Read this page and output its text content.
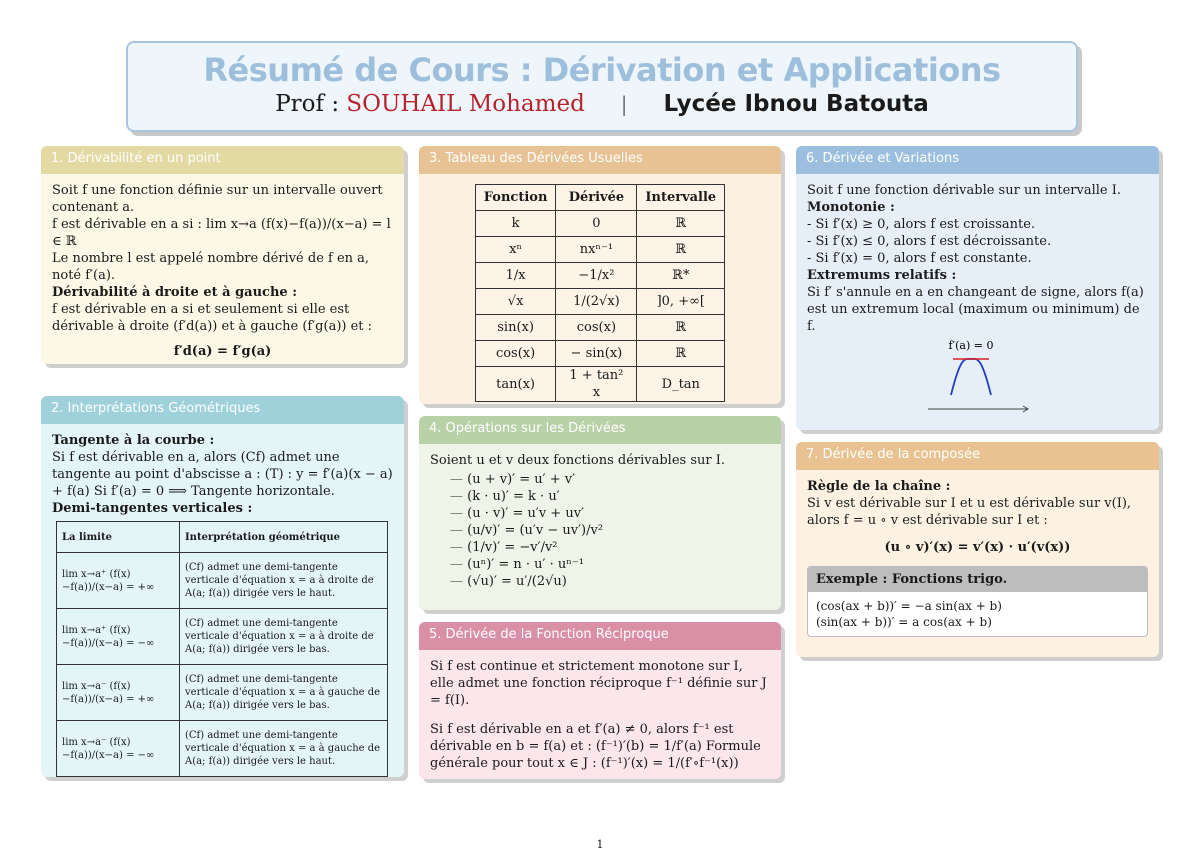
Résumé de Cours : Dérivation et Applications
Prof : SOUHAIL Mohamed | Lycée Ibnou Batouta
1. Dérivabilité en un point
Soit f une fonction définie sur un intervalle ouvert contenant a.
f est dérivable en a si : lim x→a (f(x)−f(a))/(x−a) = l ∈ ℝ
Le nombre l est appelé nombre dérivé de f en a, noté f′(a).
Dérivabilité à droite et à gauche :
f est dérivable en a si et seulement si elle est dérivable à droite (f′d(a)) et à gauche (f′g(a)) et :
f′d(a) = f′g(a)
2. Interprétations Géométriques
Tangente à la courbe :
Si f est dérivable en a, alors (Cf) admet une tangente au point d'abscisse a : (T) : y = f′(a)(x − a) + f(a) Si f′(a) = 0 ⟹ Tangente horizontale.
Demi-tangentes verticales :
La limite	Interprétation géométrique
lim x→a⁺ (f(x)−f(a))/(x−a) = +∞	(Cf) admet une demi-tangente verticale d'équation x = a à droite de A(a; f(a)) dirigée vers le haut.
lim x→a⁺ (f(x)−f(a))/(x−a) = −∞	(Cf) admet une demi-tangente verticale d'équation x = a à droite de A(a; f(a)) dirigée vers le bas.
lim x→a⁻ (f(x)−f(a))/(x−a) = +∞	(Cf) admet une demi-tangente verticale d'équation x = a à gauche de A(a; f(a)) dirigée vers le bas.
lim x→a⁻ (f(x)−f(a))/(x−a) = −∞	(Cf) admet une demi-tangente verticale d'équation x = a à gauche de A(a; f(a)) dirigée vers le haut.
3. Tableau des Dérivées Usuelles
Fonction	Dérivée	Intervalle
k	0	ℝ
xⁿ	nxⁿ⁻¹	ℝ
1/x	−1/x²	ℝ*
√x	1/(2√x)	]0, +∞[
sin(x)	cos(x)	ℝ
cos(x)	− sin(x)	ℝ
tan(x)	1 + tan² x	D_tan
4. Opérations sur les Dérivées
Soient u et v deux fonctions dérivables sur I.
— (u + v)′ = u′ + v′
— (k · u)′ = k · u′
— (u · v)′ = u′v + uv′
— (u/v)′ = (u′v − uv′)/v²
— (1/v)′ = −v′/v²
— (uⁿ)′ = n · u′ · uⁿ⁻¹
— (√u)′ = u′/(2√u)
5. Dérivée de la Fonction Réciproque
Si f est continue et strictement monotone sur I, elle admet une fonction réciproque f⁻¹ définie sur J = f(I).
Si f est dérivable en a et f′(a) ≠ 0, alors f⁻¹ est dérivable en b = f(a) et : (f⁻¹)′(b) = 1/f′(a) Formule générale pour tout x ∈ J : (f⁻¹)′(x) = 1/(f′∘f⁻¹(x))
6. Dérivée et Variations
Soit f une fonction dérivable sur un intervalle I.
Monotonie :
- Si f′(x) ≥ 0, alors f est croissante.
- Si f′(x) ≤ 0, alors f est décroissante.
- Si f′(x) = 0, alors f est constante.
Extremums relatifs :
Si f′ s'annule en a en changeant de signe, alors f(a) est un extremum local (maximum ou minimum) de f.
f′(a) = 0
7. Dérivée de la composée
Règle de la chaîne :
Si v est dérivable sur I et u est dérivable sur v(I), alors f = u ∘ v est dérivable sur I et :
(u ∘ v)′(x) = v′(x) · u′(v(x))
Exemple : Fonctions trigo.
(cos(ax + b))′ = −a sin(ax + b)
(sin(ax + b))′ = a cos(ax + b)
1
